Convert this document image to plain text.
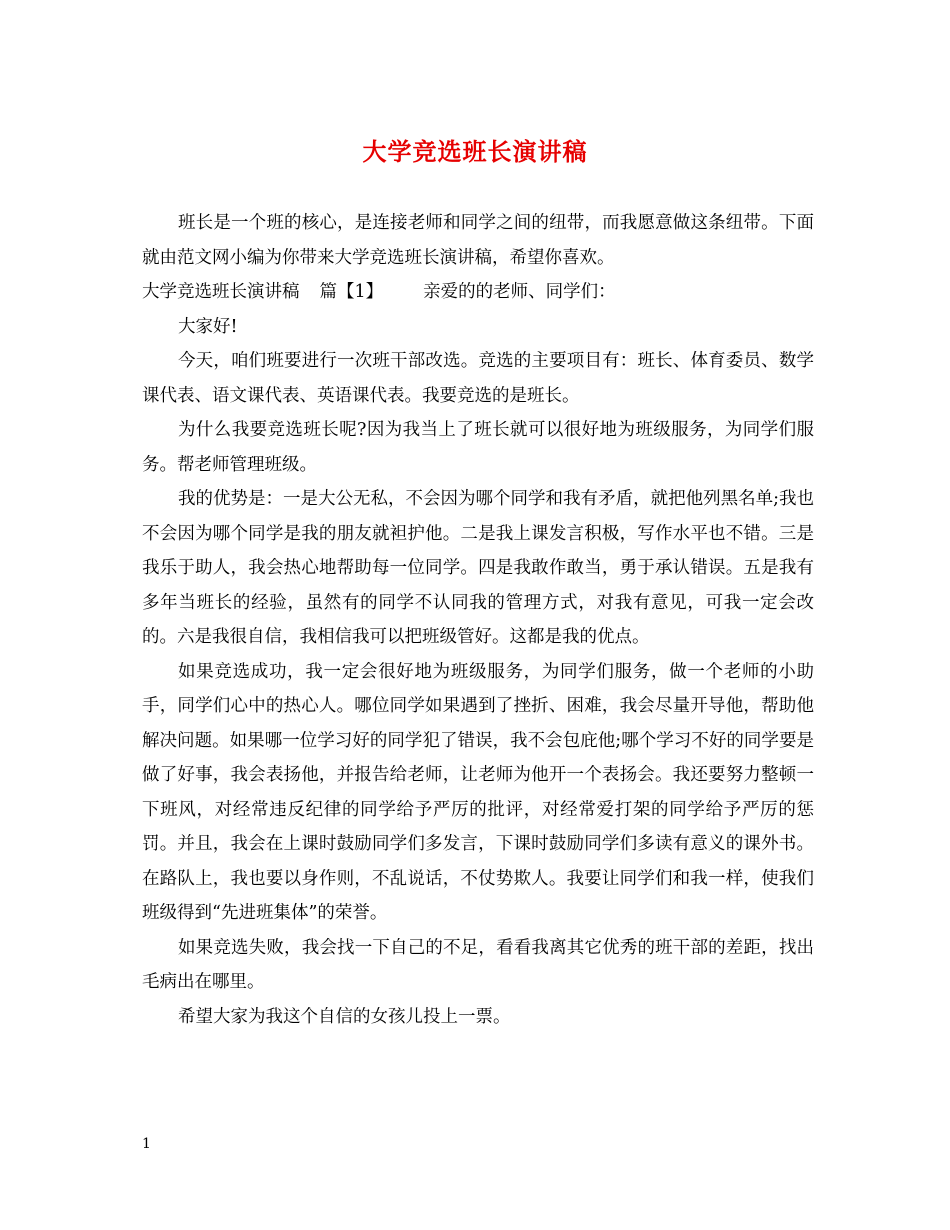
大学竞选班长演讲稿

班长是一个班的核心，是连接老师和同学之间的纽带，而我愿意做这条纽带。下面就由范文网小编为你带来大学竞选班长演讲稿，希望你喜欢。

大学竞选班长演讲稿 篇【1】 亲爱的的老师、同学们：

大家好!

今天，咱们班要进行一次班干部改选。竞选的主要项目有：班长、体育委员、数学课代表、语文课代表、英语课代表。我要竞选的是班长。

为什么我要竞选班长呢?因为我当上了班长就可以很好地为班级服务，为同学们服务。帮老师管理班级。

我的优势是：一是大公无私，不会因为哪个同学和我有矛盾，就把他列黑名单;我也不会因为哪个同学是我的朋友就袒护他。二是我上课发言积极，写作水平也不错。三是我乐于助人，我会热心地帮助每一位同学。四是我敢作敢当，勇于承认错误。五是我有多年当班长的经验，虽然有的同学不认同我的管理方式，对我有意见，可我一定会改的。六是我很自信，我相信我可以把班级管好。这都是我的优点。

如果竞选成功，我一定会很好地为班级服务，为同学们服务，做一个老师的小助手，同学们心中的热心人。哪位同学如果遇到了挫折、困难，我会尽量开导他，帮助他解决问题。如果哪一位学习好的同学犯了错误，我不会包庇他;哪个学习不好的同学要是做了好事，我会表扬他，并报告给老师，让老师为他开一个表扬会。我还要努力整顿一下班风，对经常违反纪律的同学给予严厉的批评，对经常爱打架的同学给予严厉的惩罚。并且，我会在上课时鼓励同学们多发言，下课时鼓励同学们多读有意义的课外书。在路队上，我也要以身作则，不乱说话，不仗势欺人。我要让同学们和我一样，使我们班级得到“先进班集体”的荣誉。

如果竞选失败，我会找一下自己的不足，看看我离其它优秀的班干部的差距，找出毛病出在哪里。

希望大家为我这个自信的女孩儿投上一票。

1
